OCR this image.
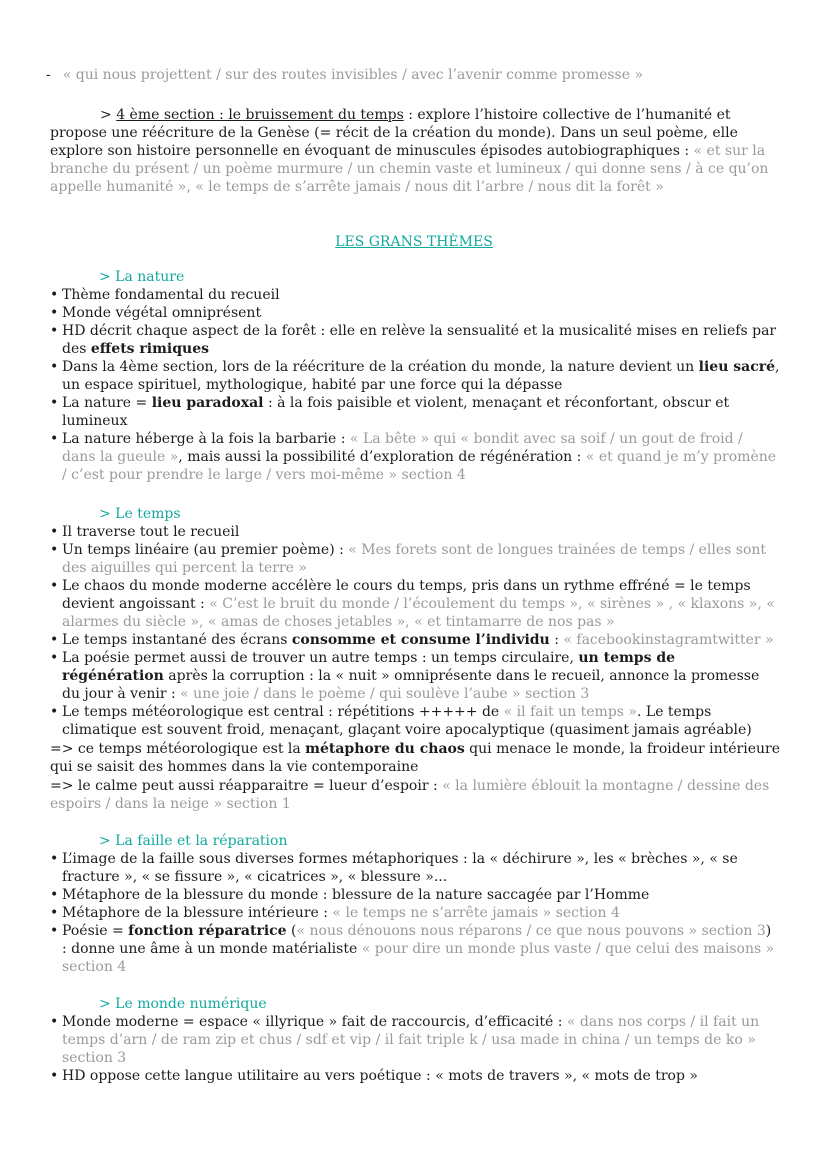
- « qui nous projettent / sur des routes invisibles / avec l’avenir comme promesse »
> 4 ème section : le bruissement du temps : explore l’histoire collective de l’humanité et propose une réécriture de la Genèse (= récit de la création du monde). Dans un seul poème, elle explore son histoire personnelle en évoquant de minuscules épisodes autobiographiques : « et sur la branche du présent / un poème murmure / un chemin vaste et lumineux / qui donne sens / à ce qu’on appelle humanité », « le temps de s’arrête jamais / nous dit l’arbre / nous dit la forêt »
LES GRANS THÈMES
> La nature
• Thème fondamental du recueil
• Monde végétal omniprésent
• HD décrit chaque aspect de la forêt : elle en relève la sensualité et la musicalité mises en reliefs par des effets rimiques
• Dans la 4ème section, lors de la réécriture de la création du monde, la nature devient un lieu sacré, un espace spirituel, mythologique, habité par une force qui la dépasse
• La nature = lieu paradoxal : à la fois paisible et violent, menaçant et réconfortant, obscur et lumineux
• La nature héberge à la fois la barbarie : « La bête » qui « bondit avec sa soif / un gout de froid / dans la gueule », mais aussi la possibilité d’exploration de régénération : « et quand je m’y promène / c’est pour prendre le large / vers moi-même » section 4
> Le temps
• Il traverse tout le recueil
• Un temps linéaire (au premier poème) : « Mes forets sont de longues trainées de temps / elles sont des aiguilles qui percent la terre »
• Le chaos du monde moderne accélère le cours du temps, pris dans un rythme effréné = le temps devient angoissant : « C’est le bruit du monde / l’écoulement du temps », « sirènes » , « klaxons », « alarmes du siècle », « amas de choses jetables », « et tintamarre de nos pas »
• Le temps instantané des écrans consomme et consume l’individu : « facebookinstagramtwitter »
• La poésie permet aussi de trouver un autre temps : un temps circulaire, un temps de régénération après la corruption : la « nuit » omniprésente dans le recueil, annonce la promesse du jour à venir : « une joie / dans le poème / qui soulève l’aube » section 3
• Le temps météorologique est central : répétitions +++++ de « il fait un temps ». Le temps climatique est souvent froid, menaçant, glaçant voire apocalyptique (quasiment jamais agréable)
=> ce temps météorologique est la métaphore du chaos qui menace le monde, la froideur intérieure qui se saisit des hommes dans la vie contemporaine
=> le calme peut aussi réapparaitre = lueur d’espoir : « la lumière éblouit la montagne / dessine des espoirs / dans la neige » section 1
> La faille et la réparation
• L’image de la faille sous diverses formes métaphoriques : la « déchirure », les « brèches », « se fracture », « se fissure », « cicatrices », « blessure »...
• Métaphore de la blessure du monde : blessure de la nature saccagée par l’Homme
• Métaphore de la blessure intérieure : « le temps ne s’arrête jamais » section 4
• Poésie = fonction réparatrice (« nous dénouons nous réparons / ce que nous pouvons » section 3) : donne une âme à un monde matérialiste « pour dire un monde plus vaste / que celui des maisons » section 4
> Le monde numérique
• Monde moderne = espace « illyrique » fait de raccourcis, d’efficacité : « dans nos corps / il fait un temps d’arn / de ram zip et chus / sdf et vip / il fait triple k / usa made in china / un temps de ko » section 3
• HD oppose cette langue utilitaire au vers poétique : « mots de travers », « mots de trop »
